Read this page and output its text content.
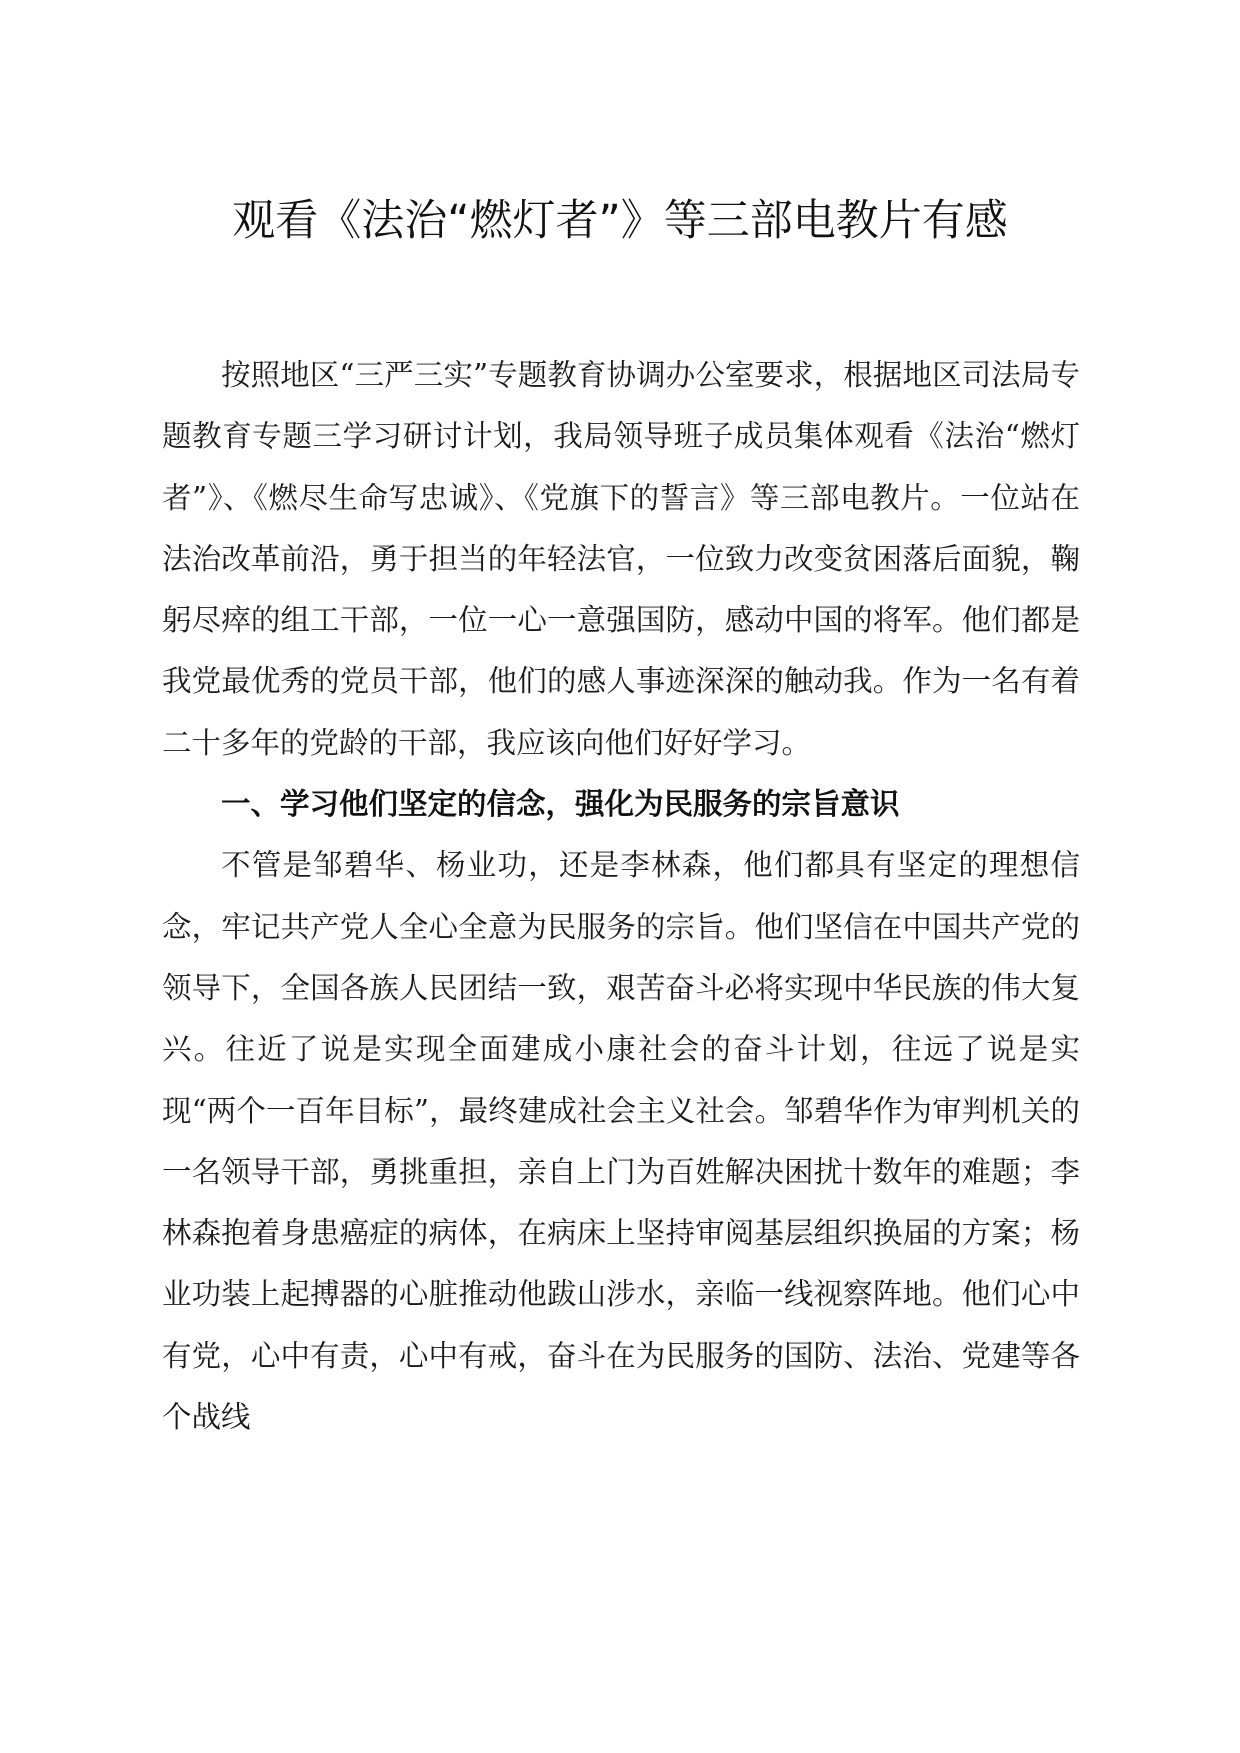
观看《法治“燃灯者”》等三部电教片有感

按照地区“三严三实”专题教育协调办公室要求，根据地区司法局专题教育专题三学习研讨计划，我局领导班子成员集体观看《法治“燃灯者”》、《燃尽生命写忠诚》、《党旗下的誓言》等三部电教片。一位站在法治改革前沿，勇于担当的年轻法官，一位致力改变贫困落后面貌，鞠躬尽瘁的组工干部，一位一心一意强国防，感动中国的将军。他们都是我党最优秀的党员干部，他们的感人事迹深深的触动我。作为一名有着二十多年的党龄的干部，我应该向他们好好学习。

一、学习他们坚定的信念，强化为民服务的宗旨意识

不管是邹碧华、杨业功，还是李林森，他们都具有坚定的理想信念，牢记共产党人全心全意为民服务的宗旨。他们坚信在中国共产党的领导下，全国各族人民团结一致，艰苦奋斗必将实现中华民族的伟大复兴。往近了说是实现全面建成小康社会的奋斗计划，往远了说是实现“两个一百年目标”，最终建成社会主义社会。邹碧华作为审判机关的一名领导干部，勇挑重担，亲自上门为百姓解决困扰十数年的难题；李林森抱着身患癌症的病体，在病床上坚持审阅基层组织换届的方案；杨业功装上起搏器的心脏推动他跋山涉水，亲临一线视察阵地。他们心中有党，心中有责，心中有戒，奋斗在为民服务的国防、法治、党建等各个战线
